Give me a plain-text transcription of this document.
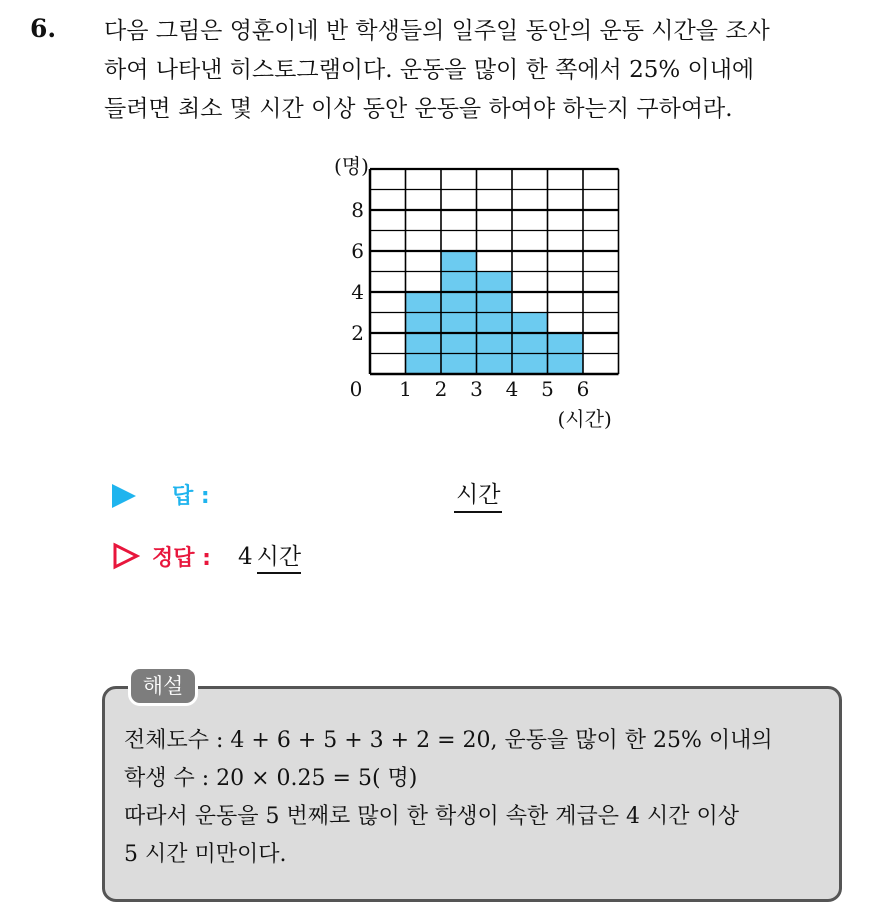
6. 다음 그림은 영훈이네 반 학생들의 일주일 동안의 운동 시간을 조사
하여 나타낸 히스토그램이다. 운동을 많이 한 쪽에서 25% 이내에
들려면 최소 몇 시간 이상 동안 운동을 하여야 하는지 구하여라.
2
4
6
8
0 1 2 3 4 5 6
(명)
(시간)
답 :	시간
정답 : 4 시간
해설
전체도수 : 4 + 6 + 5 + 3 + 2 = 20, 운동을 많이 한 25% 이내의
학생 수 : 20 × 0.25 = 5( 명)
따라서 운동을 5 번째로 많이 한 학생이 속한 계급은 4 시간 이상
5 시간 미만이다.
